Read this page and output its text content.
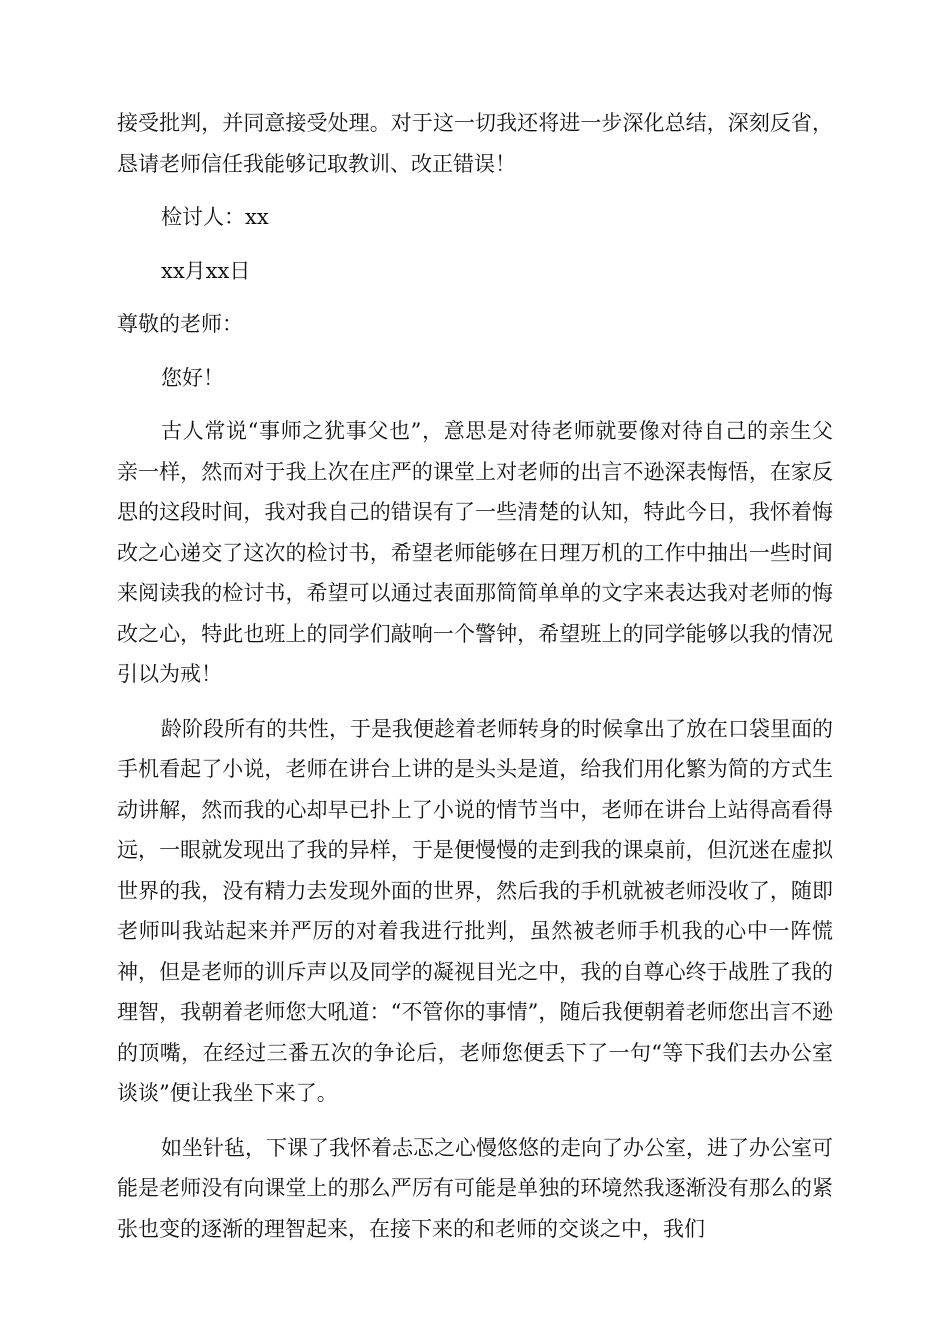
接受批判，并同意接受处理。对于这一切我还将进一步深化总结，深刻反省，恳请老师信任我能够记取教训、改正错误！

检讨人：xx

xx月xx日

尊敬的老师：

您好！

古人常说“事师之犹事父也”，意思是对待老师就要像对待自己的亲生父亲一样，然而对于我上次在庄严的课堂上对老师的出言不逊深表悔悟，在家反思的这段时间，我对我自己的错误有了一些清楚的认知，特此今日，我怀着悔改之心递交了这次的检讨书，希望老师能够在日理万机的工作中抽出一些时间来阅读我的检讨书，希望可以通过表面那简简单单的文字来表达我对老师的悔改之心，特此也班上的同学们敲响一个警钟，希望班上的同学能够以我的情况引以为戒！

龄阶段所有的共性，于是我便趁着老师转身的时候拿出了放在口袋里面的手机看起了小说，老师在讲台上讲的是头头是道，给我们用化繁为简的方式生动讲解，然而我的心却早已扑上了小说的情节当中，老师在讲台上站得高看得远，一眼就发现出了我的异样，于是便慢慢的走到我的课桌前，但沉迷在虚拟世界的我，没有精力去发现外面的世界，然后我的手机就被老师没收了，随即老师叫我站起来并严厉的对着我进行批判，虽然被老师手机我的心中一阵慌神，但是老师的训斥声以及同学的凝视目光之中，我的自尊心终于战胜了我的理智，我朝着老师您大吼道：“不管你的事情”，随后我便朝着老师您出言不逊的顶嘴，在经过三番五次的争论后，老师您便丢下了一句“等下我们去办公室谈谈”便让我坐下来了。

如坐针毡，下课了我怀着忐忑之心慢悠悠的走向了办公室，进了办公室可能是老师没有向课堂上的那么严厉有可能是单独的环境然我逐渐没有那么的紧张也变的逐渐的理智起来，在接下来的和老师的交谈之中，我们
